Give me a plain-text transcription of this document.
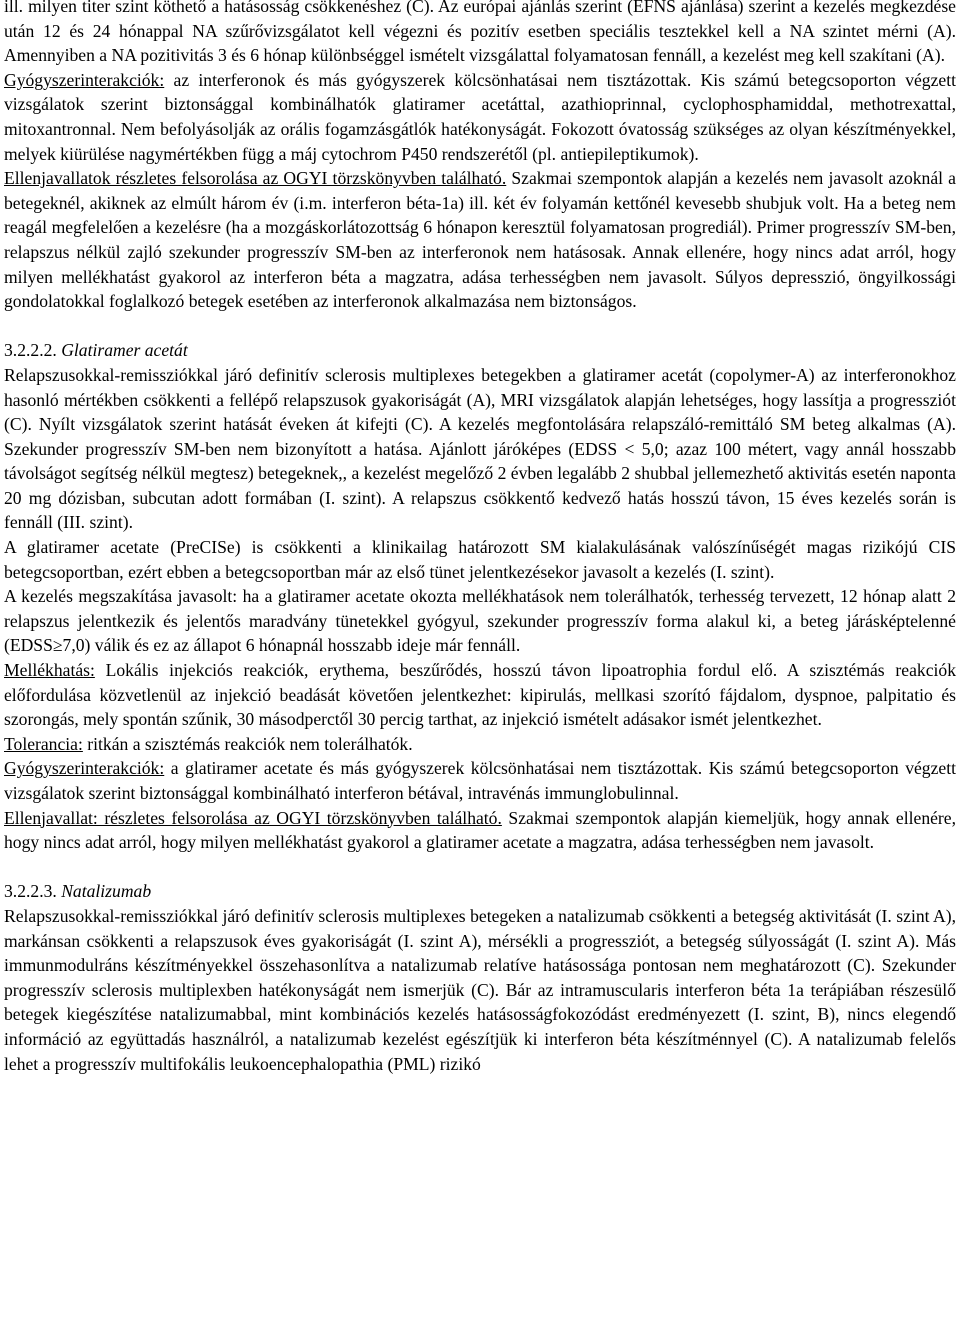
ill. milyen titer szint köthető a hatásosság csökkenéshez (C). Az európai ajánlás szerint (EFNS ajánlása) szerint a kezelés megkezdése után 12 és 24 hónappal NA szűrővizsgálatot kell végezni és pozitív esetben speciális tesztekkel kell a NA szintet mérni (A). Amennyiben a NA pozitivitás 3 és 6 hónap különbséggel ismételt vizsgálattal folyamatosan fennáll, a kezelést meg kell szakítani (A).
Gyógyszerinterakciók: az interferonok és más gyógyszerek kölcsönhatásai nem tisztázottak. Kis számú betegcsoporton végzett vizsgálatok szerint biztonsággal kombinálhatók glatiramer acetáttal, azathioprinnal, cyclophosphamiddal, methotrexattal, mitoxantronnal. Nem befolyásolják az orális fogamzásgátlók hatékonyságát. Fokozott óvatosság szükséges az olyan készítményekkel, melyek kiürülése nagymértékben függ a máj cytochrom P450 rendszerétől (pl. antiepileptikumok).
Ellenjavallatok részletes felsorolása az OGYI törzskönyvben található. Szakmai szempontok alapján a kezelés nem javasolt azoknál a betegeknél, akiknek az elmúlt három év (i.m. interferon béta-1a) ill. két év folyamán kettőnél kevesebb shubjuk volt. Ha a beteg nem reagál megfelelően a kezelésre (ha a mozgáskorlátozottság 6 hónapon keresztül folyamatosan progrediál). Primer progresszív SM-ben, relapszus nélkül zajló szekunder progresszív SM-ben az interferonok nem hatásosak. Annak ellenére, hogy nincs adat arról, hogy milyen mellékhatást gyakorol az interferon béta a magzatra, adása terhességben nem javasolt. Súlyos depresszió, öngyilkossági gondolatokkal foglalkozó betegek esetében az interferonok alkalmazása nem biztonságos.

3.2.2.2. Glatiramer acetát

Relapszusokkal-remissziókkal járó definitív sclerosis multiplexes betegekben a glatiramer acetát (copolymer-A) az interferonokhoz hasonló mértékben csökkenti a fellépő relapszusok gyakoriságát (A), MRI vizsgálatok alapján lehetséges, hogy lassítja a progressziót (C). Nyílt vizsgálatok szerint hatását éveken át kifejti (C). A kezelés megfontolására relapszáló-remittáló SM beteg alkalmas (A). Szekunder progresszív SM-ben nem bizonyított a hatása. Ajánlott járóképes (EDSS < 5,0; azaz 100 métert, vagy annál hosszabb távolságot segítség nélkül megtesz) betegeknek,, a kezelést megelőző 2 évben legalább 2 shubbal jellemezhető aktivitás esetén naponta 20 mg dózisban, subcutan adott formában (I. szint). A relapszus csökkentő kedvező hatás hosszú távon, 15 éves kezelés során is fennáll (III. szint).

A glatiramer acetate (PreCISe) is csökkenti a klinikailag határozott SM kialakulásának valószínűségét magas rizikójú CIS betegcsoportban, ezért ebben a betegcsoportban már az első tünet jelentkezésekor javasolt a kezelés (I. szint).

A kezelés megszakítása javasolt: ha a glatiramer acetate okozta mellékhatások nem tolerálhatók, terhesség tervezett, 12 hónap alatt 2 relapszus jelentkezik és jelentős maradvány tünetekkel gyógyul, szekunder progresszív forma alakul ki, a beteg járásképtelenné (EDSS≥7,0) válik és ez az állapot 6 hónapnál hosszabb ideje már fennáll.

Mellékhatás: Lokális injekciós reakciók, erythema, beszűrődés, hosszú távon lipoatrophia fordul elő. A szisztémás reakciók előfordulása közvetlenül az injekció beadását követően jelentkezhet: kipirulás, mellkasi szorító fájdalom, dyspnoe, palpitatio és szorongás, mely spontán szűnik, 30 másodperctől 30 percig tarthat, az injekció ismételt adásakor ismét jelentkezhet.

Tolerancia: ritkán a szisztémás reakciók nem tolerálhatók.

Gyógyszerinterakciók: a glatiramer acetate és más gyógyszerek kölcsönhatásai nem tisztázottak. Kis számú betegcsoporton végzett vizsgálatok szerint biztonsággal kombinálható interferon bétával, intravénás immunglobulinnal.

Ellenjavallat: részletes felsorolása az OGYI törzskönyvben található. Szakmai szempontok alapján kiemeljük, hogy annak ellenére, hogy nincs adat arról, hogy milyen mellékhatást gyakorol a glatiramer acetate a magzatra, adása terhességben nem javasolt.

3.2.2.3. Natalizumab

Relapszusokkal-remissziókkal járó definitív sclerosis multiplexes betegeken a natalizumab csökkenti a betegség aktivitását (I. szint A), markánsan csökkenti a relapszusok éves gyakoriságát (I. szint A), mérsékli a progressziót, a betegség súlyosságát (I. szint A). Más immunmodulráns készítményekkel összehasonlítva a natalizumab relatíve hatásossága pontosan nem meghatározott (C). Szekunder progresszív sclerosis multiplexben hatékonyságát nem ismerjük (C). Bár az intramuscularis interferon béta 1a terápiában részesülő betegek kiegészítése natalizumabbal, mint kombinációs kezelés hatásosságfokozódást eredményezett (I. szint, B), nincs elegendő információ az együttadás használról, a natalizumab kezelést egészítjük ki interferon béta készítménnyel (C). A natalizumab felelős lehet a progresszív multifokális leukoencephalopathia (PML) rizikó
